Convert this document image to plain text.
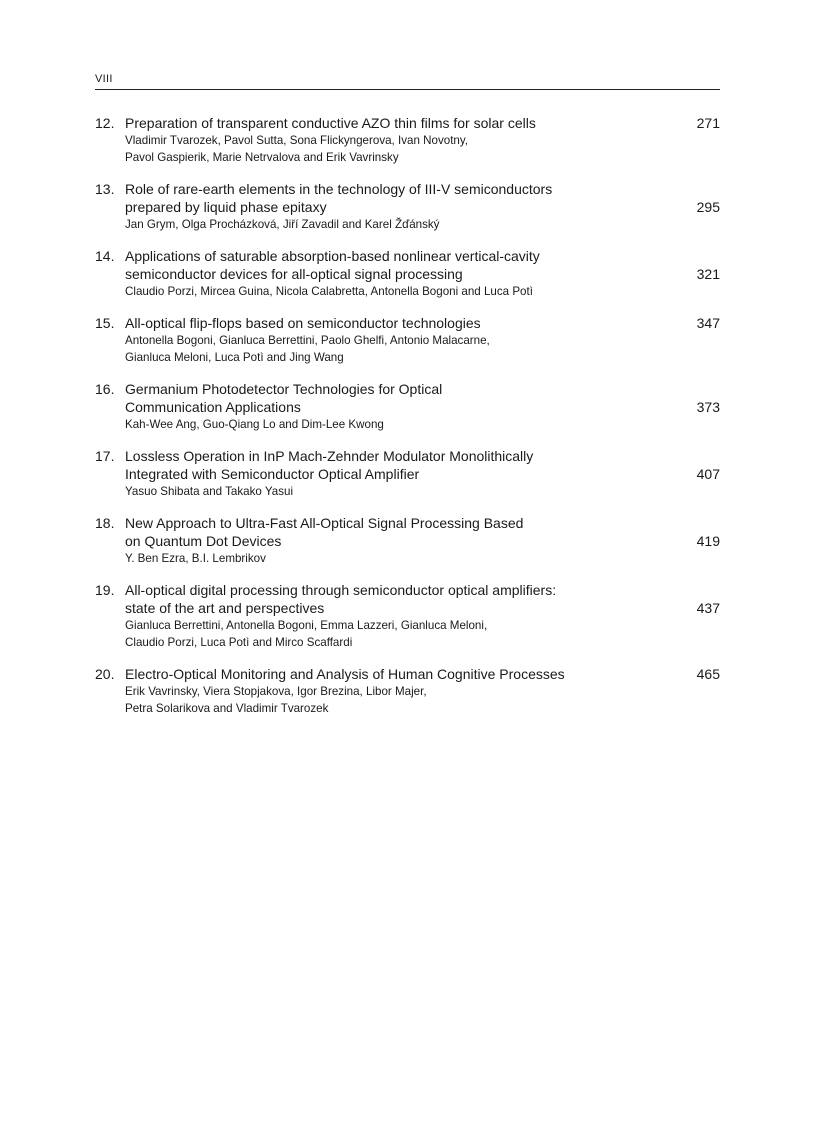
VIII
12. Preparation of transparent conductive AZO thin films for solar cells	271
Vladimir Tvarozek, Pavol Sutta, Sona Flickyngerova, Ivan Novotny,
Pavol Gaspierik, Marie Netrvalova and Erik Vavrinsky
13. Role of rare-earth elements in the technology of III-V semiconductors
prepared by liquid phase epitaxy	295
Jan Grym, Olga Procházková, Jiří Zavadil and Karel Žďánský
14. Applications of saturable absorption-based nonlinear vertical-cavity
semiconductor devices for all-optical signal processing	321
Claudio Porzi, Mircea Guina, Nicola Calabretta, Antonella Bogoni and Luca Potì
15. All-optical flip-flops based on semiconductor technologies	347
Antonella Bogoni, Gianluca Berrettini, Paolo Ghelfi, Antonio Malacarne,
Gianluca Meloni, Luca Potì and Jing Wang
16. Germanium Photodetector Technologies for Optical
Communication Applications	373
Kah-Wee Ang, Guo-Qiang Lo and Dim-Lee Kwong
17. Lossless Operation in InP Mach-Zehnder Modulator Monolithically
Integrated with Semiconductor Optical Amplifier	407
Yasuo Shibata and Takako Yasui
18. New Approach to Ultra-Fast All-Optical Signal Processing Based
on Quantum Dot Devices	419
Y. Ben Ezra, B.I. Lembrikov
19. All-optical digital processing through semiconductor optical amplifiers:
state of the art and perspectives	437
Gianluca Berrettini, Antonella Bogoni, Emma Lazzeri, Gianluca Meloni,
Claudio Porzi, Luca Potì and Mirco Scaffardi
20. Electro-Optical Monitoring and Analysis of Human Cognitive Processes	465
Erik Vavrinsky, Viera Stopjakova, Igor Brezina, Libor Majer,
Petra Solarikova and Vladimir Tvarozek
